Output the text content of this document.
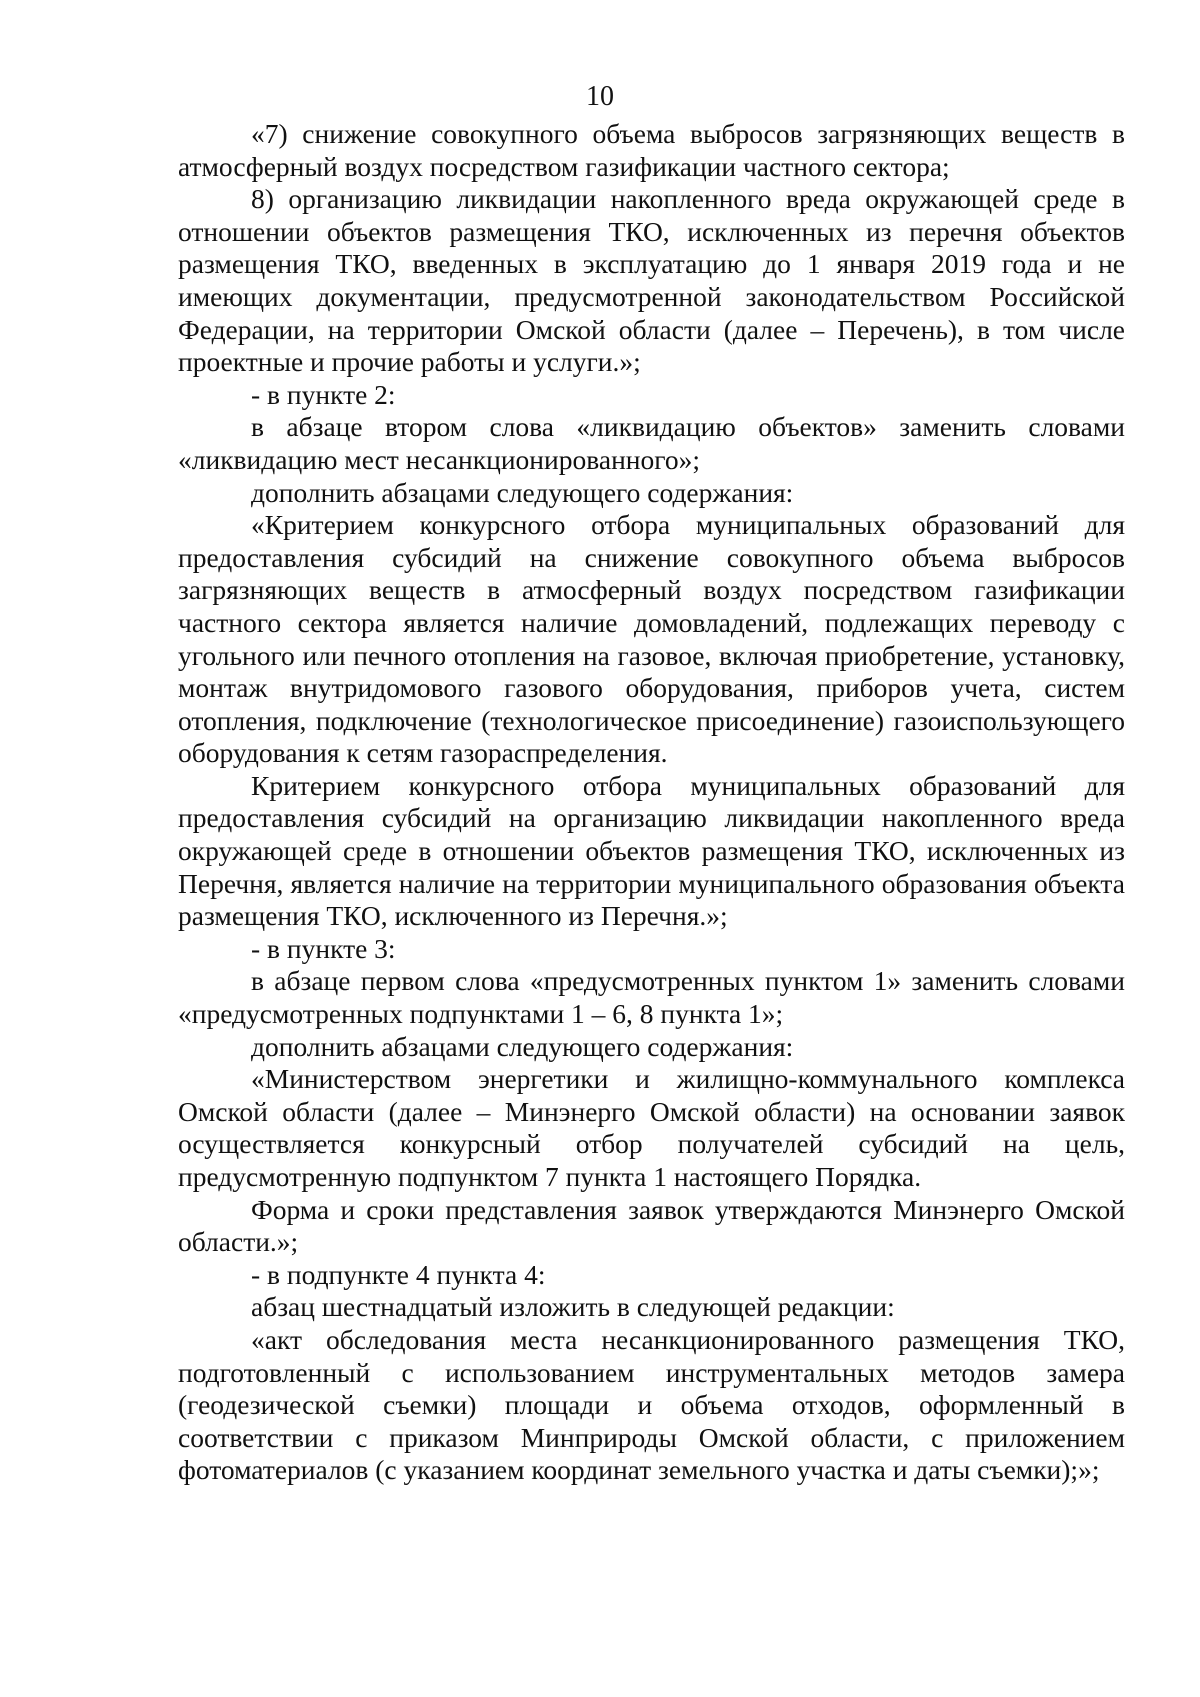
10

«7) снижение совокупного объема выбросов загрязняющих веществ в атмосферный воздух посредством газификации частного сектора;

8) организацию ликвидации накопленного вреда окружающей среде в отношении объектов размещения ТКО, исключенных из перечня объектов размещения ТКО, введенных в эксплуатацию до 1 января 2019 года и не имеющих документации, предусмотренной законодательством Российской Федерации, на территории Омской области (далее – Перечень), в том числе проектные и прочие работы и услуги.»;

- в пункте 2:

в абзаце втором слова «ликвидацию объектов» заменить словами «ликвидацию мест несанкционированного»;

дополнить абзацами следующего содержания:

«Критерием конкурсного отбора муниципальных образований для предоставления субсидий на снижение совокупного объема выбросов загрязняющих веществ в атмосферный воздух посредством газификации частного сектора является наличие домовладений, подлежащих переводу с угольного или печного отопления на газовое, включая приобретение, установку, монтаж внутридомового газового оборудования, приборов учета, систем отопления, подключение (технологическое присоединение) газоиспользующего оборудования к сетям газораспределения.

Критерием конкурсного отбора муниципальных образований для предоставления субсидий на организацию ликвидации накопленного вреда окружающей среде в отношении объектов размещения ТКО, исключенных из Перечня, является наличие на территории муниципального образования объекта размещения ТКО, исключенного из Перечня.»;

- в пункте 3:

в абзаце первом слова «предусмотренных пунктом 1» заменить словами «предусмотренных подпунктами 1 – 6, 8 пункта 1»;

дополнить абзацами следующего содержания:

«Министерством энергетики и жилищно-коммунального комплекса Омской области (далее – Минэнерго Омской области) на основании заявок осуществляется конкурсный отбор получателей субсидий на цель, предусмотренную подпунктом 7 пункта 1 настоящего Порядка.

Форма и сроки представления заявок утверждаются Минэнерго Омской области.»;

- в подпункте 4 пункта 4:

абзац шестнадцатый изложить в следующей редакции:

«акт обследования места несанкционированного размещения ТКО, подготовленный с использованием инструментальных методов замера (геодезической съемки) площади и объема отходов, оформленный в соответствии с приказом Минприроды Омской области, с приложением фотоматериалов (с указанием координат земельного участка и даты съемки);»;
